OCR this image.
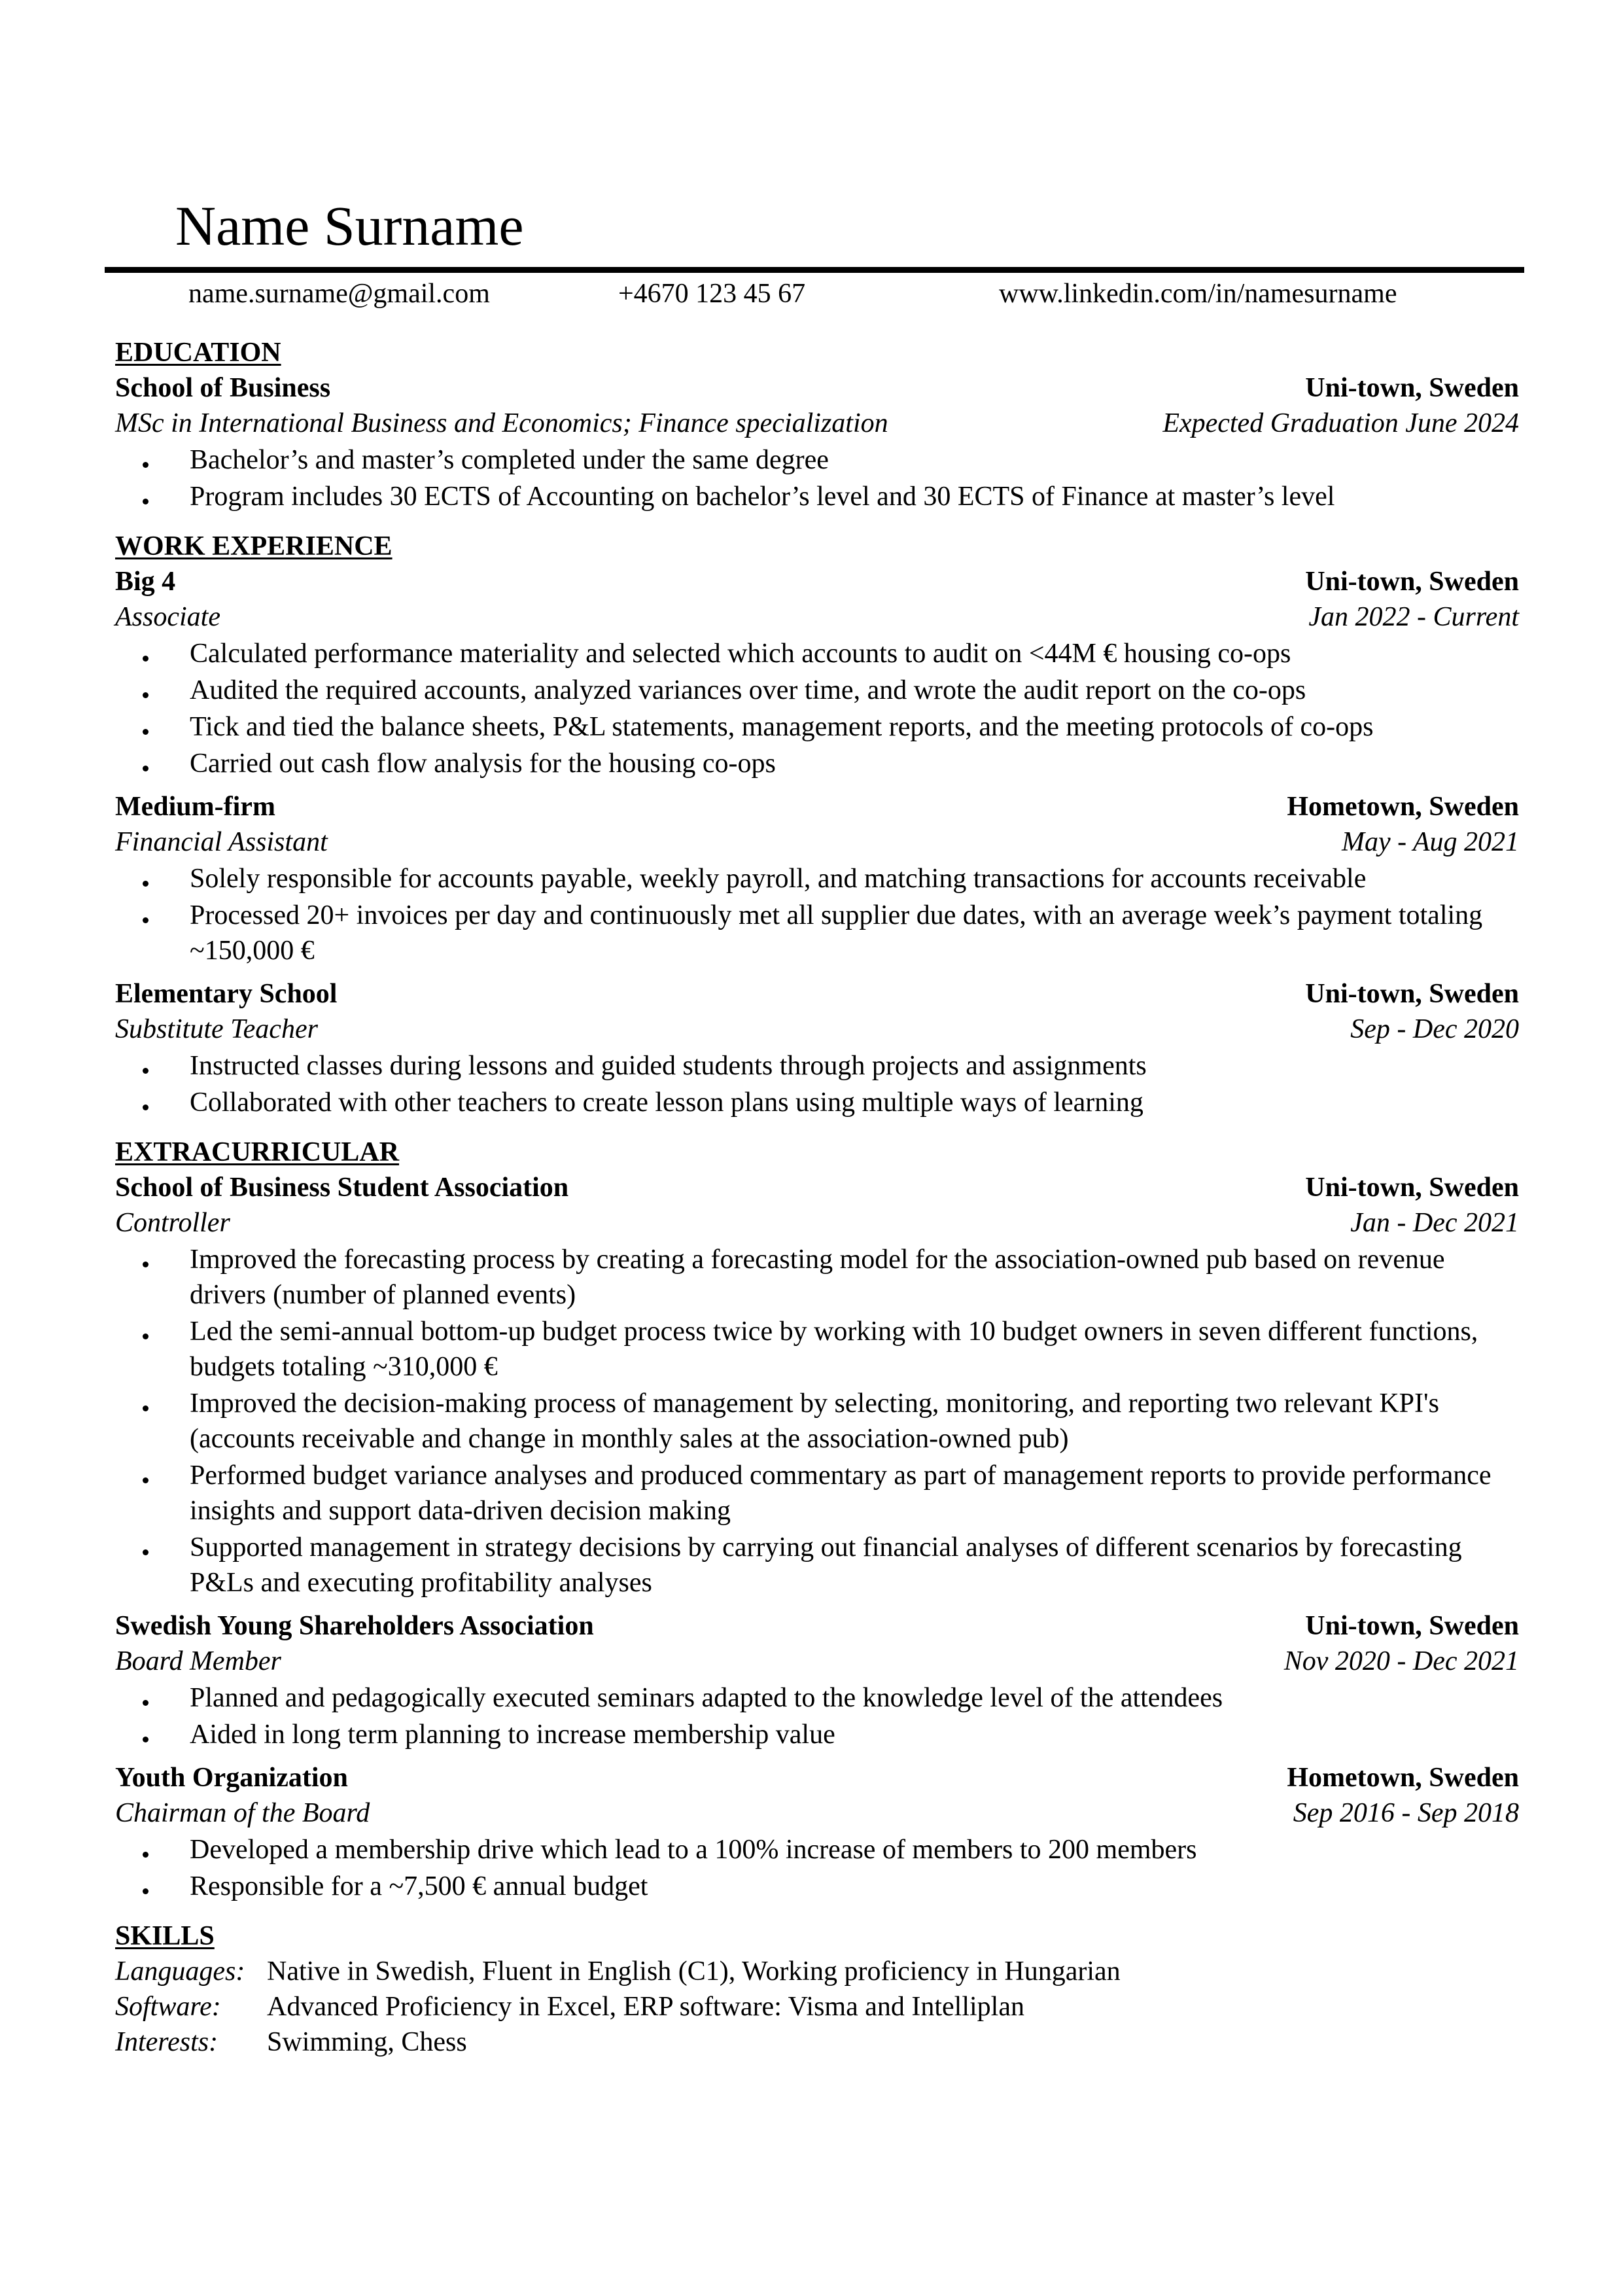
Name Surname
name.surname@gmail.com	+4670 123 45 67	www.linkedin.com/in/namesurname
EDUCATION
School of Business	Uni-town, Sweden
MSc in International Business and Economics; Finance specialization	Expected Graduation June 2024
Bachelor’s and master’s completed under the same degree
Program includes 30 ECTS of Accounting on bachelor’s level and 30 ECTS of Finance at master’s level
WORK EXPERIENCE
Big 4	Uni-town, Sweden
Associate	Jan 2022 - Current
Calculated performance materiality and selected which accounts to audit on <44M € housing co-ops
Audited the required accounts, analyzed variances over time, and wrote the audit report on the co-ops
Tick and tied the balance sheets, P&L statements, management reports, and the meeting protocols of co-ops
Carried out cash flow analysis for the housing co-ops
Medium-firm	Hometown, Sweden
Financial Assistant	May - Aug 2021
Solely responsible for accounts payable, weekly payroll, and matching transactions for accounts receivable
Processed 20+ invoices per day and continuously met all supplier due dates, with an average week’s payment totaling ~150,000 €
Elementary School	Uni-town, Sweden
Substitute Teacher	Sep - Dec 2020
Instructed classes during lessons and guided students through projects and assignments
Collaborated with other teachers to create lesson plans using multiple ways of learning
EXTRACURRICULAR
School of Business Student Association	Uni-town, Sweden
Controller	Jan - Dec 2021
Improved the forecasting process by creating a forecasting model for the association-owned pub based on revenue drivers (number of planned events)
Led the semi-annual bottom-up budget process twice by working with 10 budget owners in seven different functions, budgets totaling ~310,000 €
Improved the decision-making process of management by selecting, monitoring, and reporting two relevant KPI's (accounts receivable and change in monthly sales at the association-owned pub)
Performed budget variance analyses and produced commentary as part of management reports to provide performance insights and support data-driven decision making
Supported management in strategy decisions by carrying out financial analyses of different scenarios by forecasting P&Ls and executing profitability analyses
Swedish Young Shareholders Association	Uni-town, Sweden
Board Member	Nov 2020 - Dec 2021
Planned and pedagogically executed seminars adapted to the knowledge level of the attendees
Aided in long term planning to increase membership value
Youth Organization	Hometown, Sweden
Chairman of the Board	Sep 2016 - Sep 2018
Developed a membership drive which lead to a 100% increase of members to 200 members
Responsible for a ~7,500 € annual budget
SKILLS
Languages: Native in Swedish, Fluent in English (C1), Working proficiency in Hungarian
Software:	Advanced Proficiency in Excel, ERP software: Visma and Intelliplan
Interests:	Swimming, Chess
